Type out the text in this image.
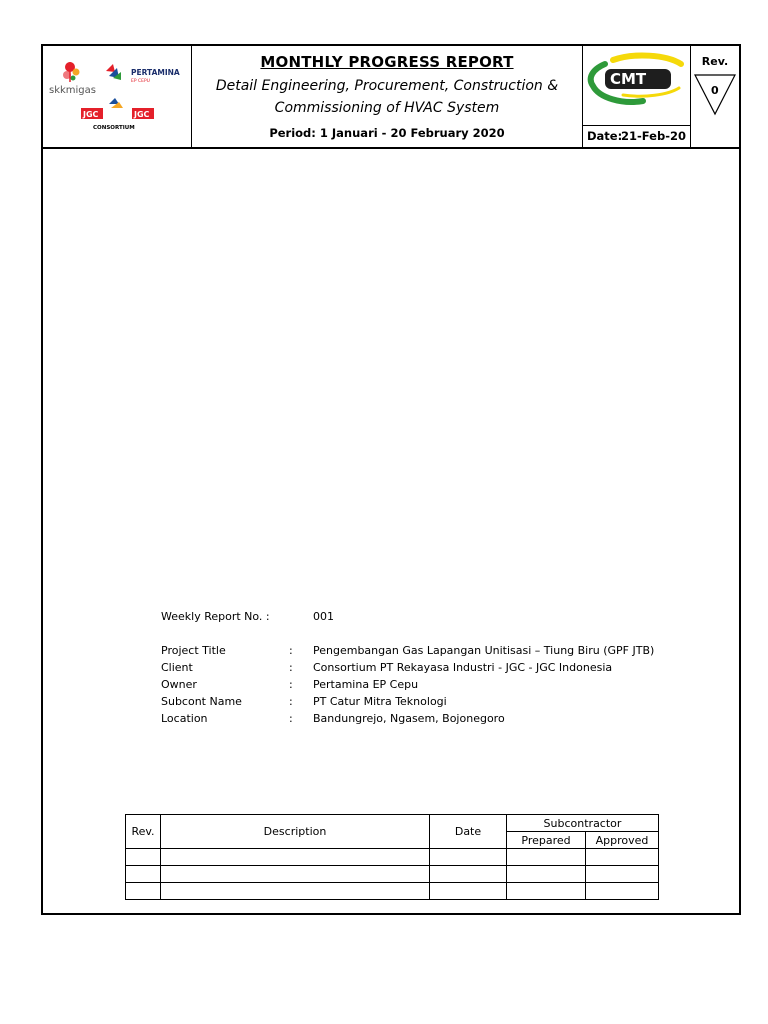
skkmigas
PERTAMINA
EP CEPU
JGC	JGC
CONSORTIUM
MONTHLY PROGRESS REPORT
Detail Engineering, Procurement, Construction &
Commissioning of HVAC System
Period: 1 Januari - 20 February 2020
CMT
Date:
21-Feb-20
Rev.
0
Weekly Report No. :	001
Project Title	: Pengembangan Gas Lapangan Unitisasi – Tiung Biru (GPF JTB)
Client	: Consortium PT Rekayasa Industri - JGC - JGC Indonesia
Owner	: Pertamina EP Cepu
Subcont Name	: PT Catur Mitra Teknologi
Location	: Bandungrejo, Ngasem, Bojonegoro
Rev.	Description	Date	Subcontractor	
			Prepared	Approved
